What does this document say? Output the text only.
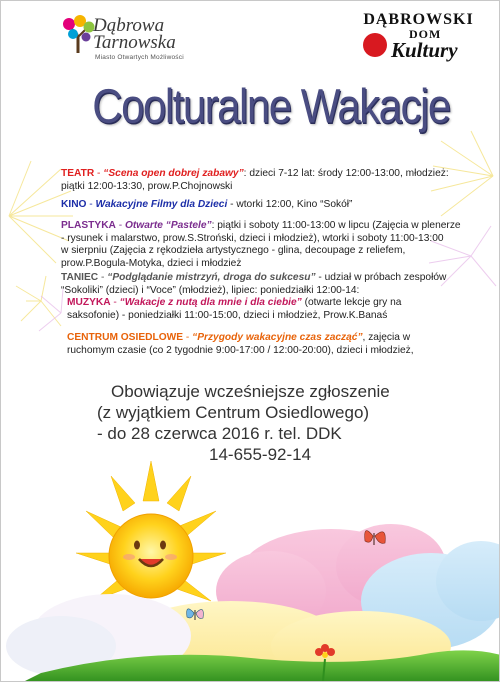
Dąbrowa
Tarnowska
Miasto Otwartych Możliwości
DĄBROWSKI
DOM
Kultury
Coolturalne Wakacje
TEATR - “Scena open dobrej zabawy”: dzieci 7-12 lat: środy 12:00-13:00, młodzież:
piątki 12:00-13:30, prow.P.Chojnowski
KINO - Wakacyjne Filmy dla Dzieci - wtorki 12:00, Kino “Sokół”
PLASTYKA - Otwarte “Pastele”: piątki i soboty 11:00-13:00 w lipcu (Zajęcia w plenerze
- rysunek i malarstwo, prow.S.Stroński, dzieci i młodzież), wtorki i soboty 11:00-13:00
w sierpniu (Zajęcia z rękodzieła artystycznego - glina, decoupage z reliefem,
prow.P.Bogula-Motyka, dzieci i młodzież
TANIEC - “Podglądanie mistrzyń, droga do sukcesu” - udział w próbach zespołów
“Sokoliki” (dzieci) i “Voce” (młodzież), lipiec: poniedziałki 12:00-14:
MUZYKA - “Wakacje z nutą dla mnie i dla ciebie” (otwarte lekcje gry na
saksofonie) - poniedziałki 11:00-15:00, dzieci i młodzież, Prow.K.Banaś
CENTRUM OSIEDLOWE - “Przygody wakacyjne czas zacząć”, zajęcia w
ruchomym czasie (co 2 tygodnie 9:00-17:00 / 12:00-20:00), dzieci i młodzież,
Obowiązuje wcześniejsze zgłoszenie
(z wyjątkiem Centrum Osiedlowego)
- do 28 czerwca 2016 r. tel. DDK
14-655-92-14
